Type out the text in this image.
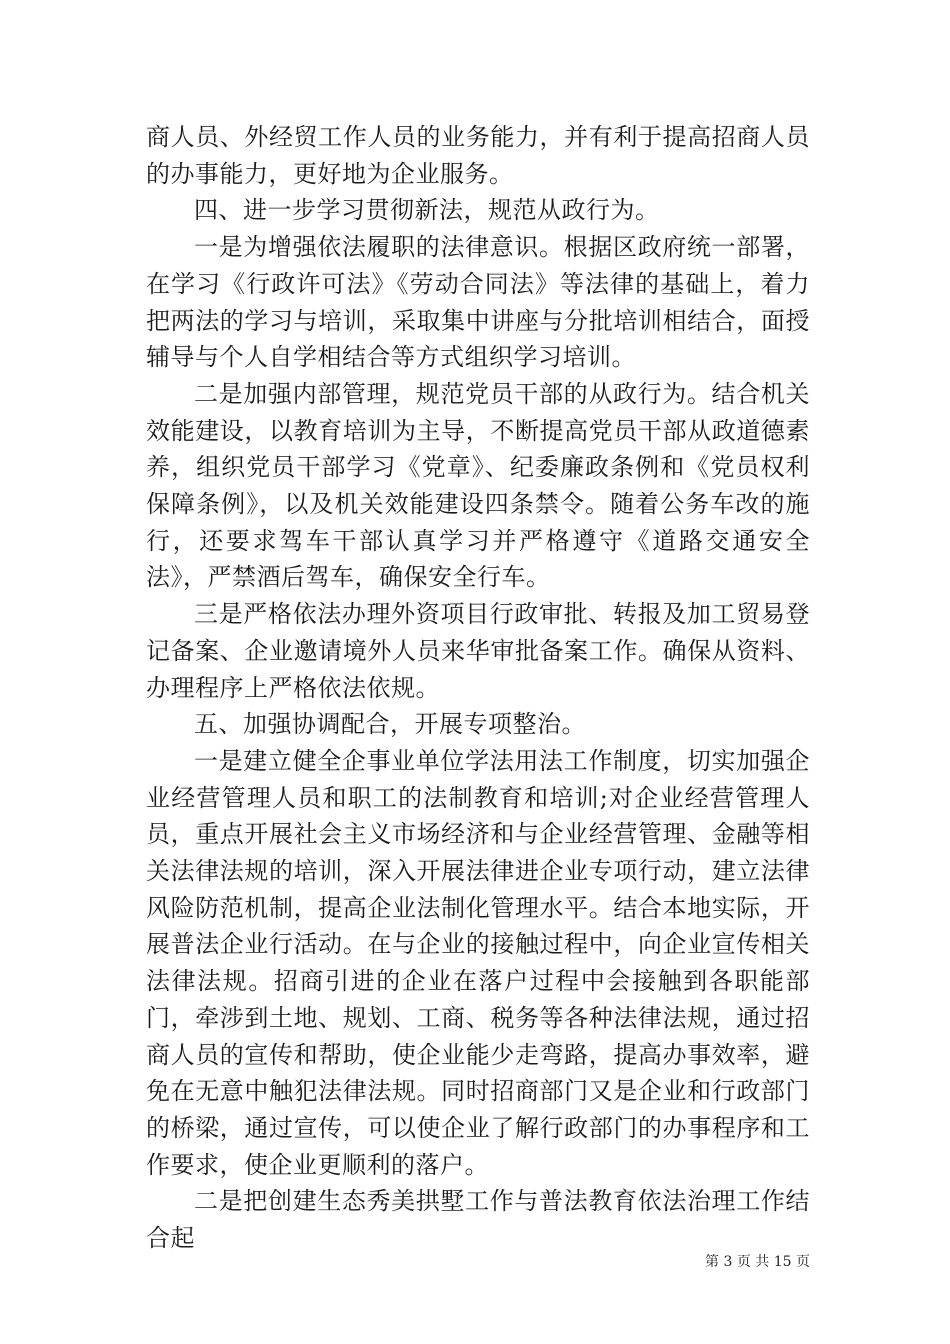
商人员、外经贸工作人员的业务能力，并有利于提高招商人员的办事能力，更好地为企业服务。

四、进一步学习贯彻新法，规范从政行为。

一是为增强依法履职的法律意识。根据区政府统一部署，在学习《行政许可法》《劳动合同法》等法律的基础上，着力把两法的学习与培训，采取集中讲座与分批培训相结合，面授辅导与个人自学相结合等方式组织学习培训。

二是加强内部管理，规范党员干部的从政行为。结合机关效能建设，以教育培训为主导，不断提高党员干部从政道德素养，组织党员干部学习《党章》、纪委廉政条例和《党员权利保障条例》，以及机关效能建设四条禁令。随着公务车改的施行，还要求驾车干部认真学习并严格遵守《道路交通安全法》，严禁酒后驾车，确保安全行车。

三是严格依法办理外资项目行政审批、转报及加工贸易登记备案、企业邀请境外人员来华审批备案工作。确保从资料、办理程序上严格依法依规。

五、加强协调配合，开展专项整治。

一是建立健全企事业单位学法用法工作制度，切实加强企业经营管理人员和职工的法制教育和培训;对企业经营管理人员，重点开展社会主义市场经济和与企业经营管理、金融等相关法律法规的培训，深入开展法律进企业专项行动，建立法律风险防范机制，提高企业法制化管理水平。结合本地实际，开展普法企业行活动。在与企业的接触过程中，向企业宣传相关法律法规。招商引进的企业在落户过程中会接触到各职能部门，牵涉到土地、规划、工商、税务等各种法律法规，通过招商人员的宣传和帮助，使企业能少走弯路，提高办事效率，避免在无意中触犯法律法规。同时招商部门又是企业和行政部门的桥梁，通过宣传，可以使企业了解行政部门的办事程序和工作要求，使企业更顺利的落户。

二是把创建生态秀美拱墅工作与普法教育依法治理工作结合起

第 3 页 共 15 页
